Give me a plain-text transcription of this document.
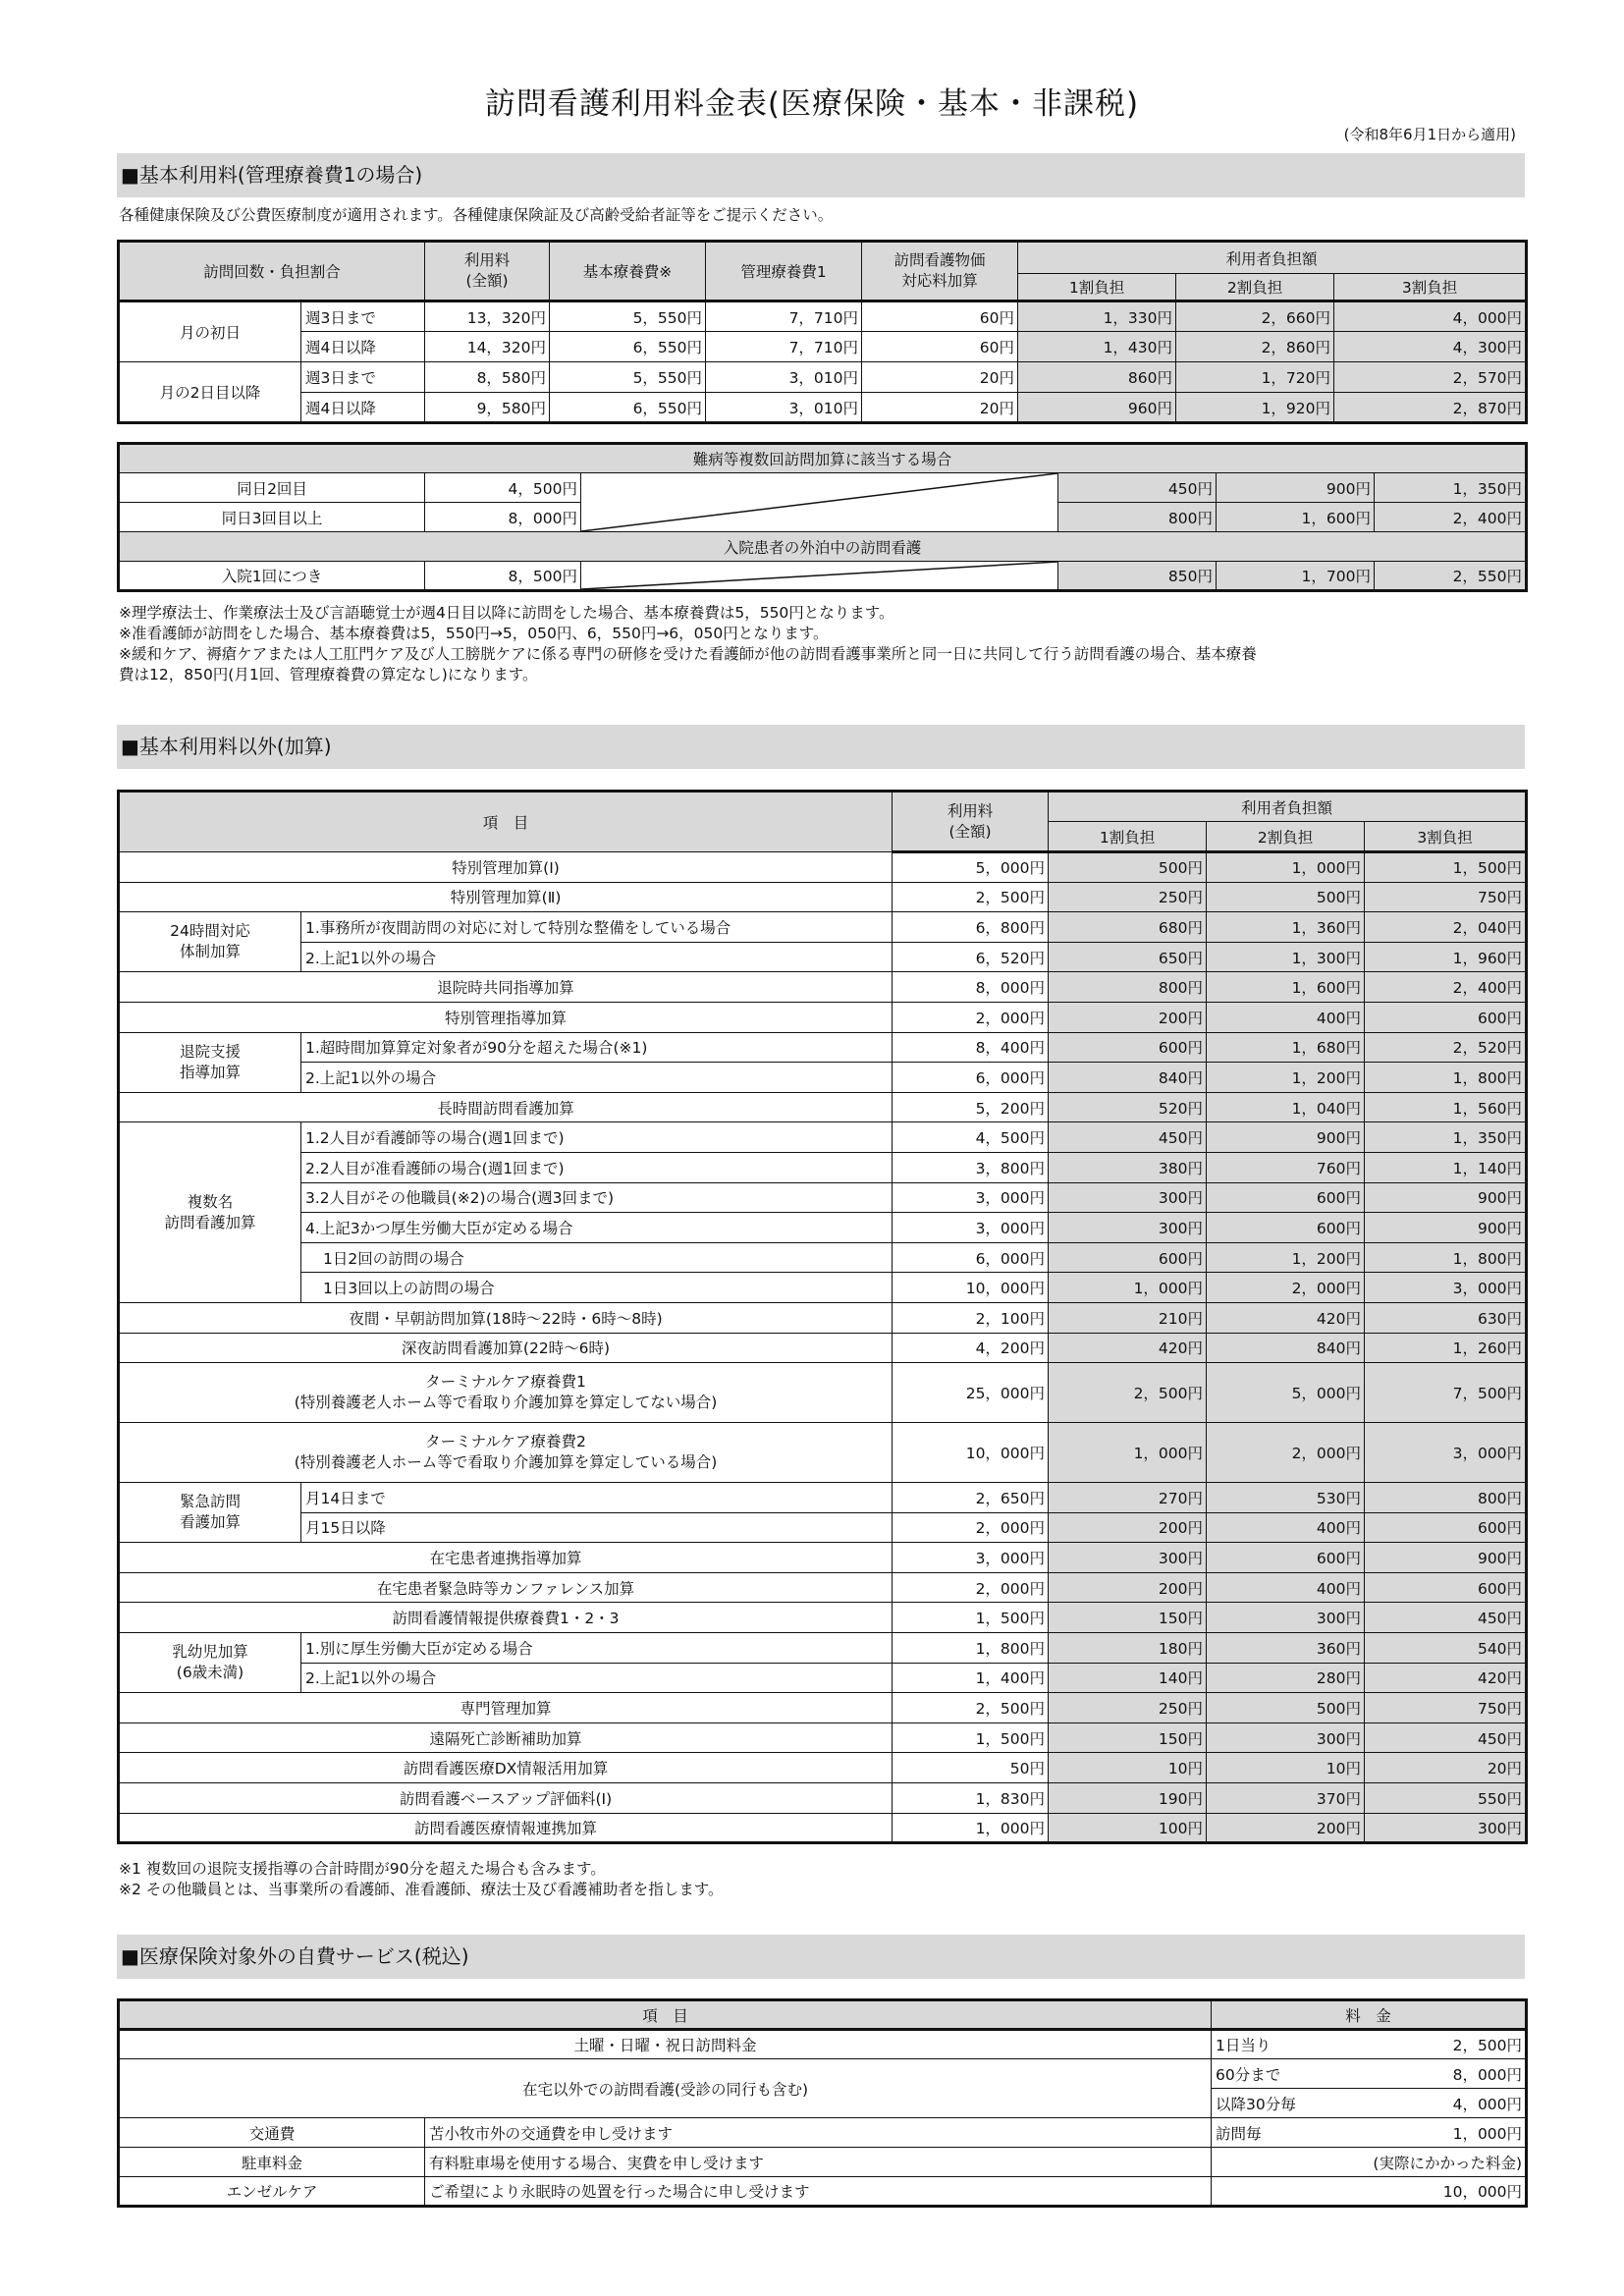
訪問看護利用料金表(医療保険・基本・非課税)
(令和8年6月1日から適用)
■基本利用料(管理療養費1の場合)
各種健康保険及び公費医療制度が適用されます。各種健康保険証及び高齢受給者証等をご提示ください。
訪問回数・負担割合		利用料
(全額)	基本療養費※	管理療養費1	訪問看護物価
対応料加算	利用者負担額		
						1割負担	2割負担	3割負担
月の初日	週3日まで	13，320円	5，550円	7，710円	60円	1，330円	2，660円	4，000円
	週4日以降	14，320円	6，550円	7，710円	60円	1，430円	2，860円	4，300円
月の2日目以降	週3日まで	8，580円	5，550円	3，010円	20円	860円	1，720円	2，570円
	週4日以降	9，580円	6，550円	3，010円	20円	960円	1，920円	2，870円
難病等複数回訪問加算に該当する場合					
同日2回目	4，500円		450円	900円	1，350円
同日3回目以上	8，000円		800円	1，600円	2，400円
入院患者の外泊中の訪問看護					
入院1回につき	8，500円		850円	1，700円	2，550円
※理学療法士、作業療法士及び言語聴覚士が週4日目以降に訪問をした場合、基本療養費は5，550円となります。
※准看護師が訪問をした場合、基本療養費は5，550円→5，050円、6，550円→6，050円となります。
※緩和ケア、褥瘡ケアまたは人工肛門ケア及び人工膀胱ケアに係る専門の研修を受けた看護師が他の訪問看護事業所と同一日に共同して行う訪問看護の場合、基本療養
費は12，850円(月1回、管理療養費の算定なし)になります。
■基本利用料以外(加算)
項　目		利用料
(全額)	利用者負担額		
			1割負担	2割負担	3割負担
特別管理加算(Ⅰ)		5，000円	500円	1，000円	1，500円
特別管理加算(Ⅱ)		2，500円	250円	500円	750円
24時間対応
体制加算	1.事務所が夜間訪問の対応に対して特別な整備をしている場合	6，800円	680円	1，360円	2，040円
	2.上記1以外の場合	6，520円	650円	1，300円	1，960円
退院時共同指導加算		8，000円	800円	1，600円	2，400円
特別管理指導加算		2，000円	200円	400円	600円
退院支援
指導加算	1.超時間加算算定対象者が90分を超えた場合(※1)	8，400円	600円	1，680円	2，520円
	2.上記1以外の場合	6，000円	840円	1，200円	1，800円
長時間訪問看護加算		5，200円	520円	1，040円	1，560円
複数名
訪問看護加算	1.2人目が看護師等の場合(週1回まで)	4，500円	450円	900円	1，350円
	2.2人目が准看護師の場合(週1回まで)	3，800円	380円	760円	1，140円
	3.2人目がその他職員(※2)の場合(週3回まで)	3，000円	300円	600円	900円
	4.上記3かつ厚生労働大臣が定める場合	3，000円	300円	600円	900円
	1日2回の訪問の場合	6，000円	600円	1，200円	1，800円
	1日3回以上の訪問の場合	10，000円	1，000円	2，000円	3，000円
夜間・早朝訪問加算(18時～22時・6時～8時)		2，100円	210円	420円	630円
深夜訪問看護加算(22時～6時)		4，200円	420円	840円	1，260円
ターミナルケア療養費1
(特別養護老人ホーム等で看取り介護加算を算定してない場合)		25，000円	2，500円	5，000円	7，500円
ターミナルケア療養費2
(特別養護老人ホーム等で看取り介護加算を算定している場合)		10，000円	1，000円	2，000円	3，000円
緊急訪問
看護加算	月14日まで	2，650円	270円	530円	800円
	月15日以降	2，000円	200円	400円	600円
在宅患者連携指導加算		3，000円	300円	600円	900円
在宅患者緊急時等カンファレンス加算		2，000円	200円	400円	600円
訪問看護情報提供療養費1・2・3		1，500円	150円	300円	450円
乳幼児加算
(6歳未満)	1.別に厚生労働大臣が定める場合	1，800円	180円	360円	540円
	2.上記1以外の場合	1，400円	140円	280円	420円
専門管理加算		2，500円	250円	500円	750円
遠隔死亡診断補助加算		1，500円	150円	300円	450円
訪問看護医療DX情報活用加算		50円	10円	10円	20円
訪問看護ベースアップ評価料(Ⅰ)		1，830円	190円	370円	550円
訪問看護医療情報連携加算		1，000円	100円	200円	300円
※1 複数回の退院支援指導の合計時間が90分を超えた場合も含みます。
※2 その他職員とは、当事業所の看護師、准看護師、療法士及び看護補助者を指します。
■医療保険対象外の自費サービス(税込)
項　目		料　金	
土曜・日曜・祝日訪問料金		1日当り	2，500円
在宅以外での訪問看護(受診の同行も含む)		60分まで	8，000円
		以降30分毎	4，000円
交通費	苫小牧市外の交通費を申し受けます	訪問毎	1，000円
駐車料金	有料駐車場を使用する場合、実費を申し受けます	(実際にかかった料金)	
エンゼルケア	ご希望により永眠時の処置を行った場合に申し受けます	10，000円	
